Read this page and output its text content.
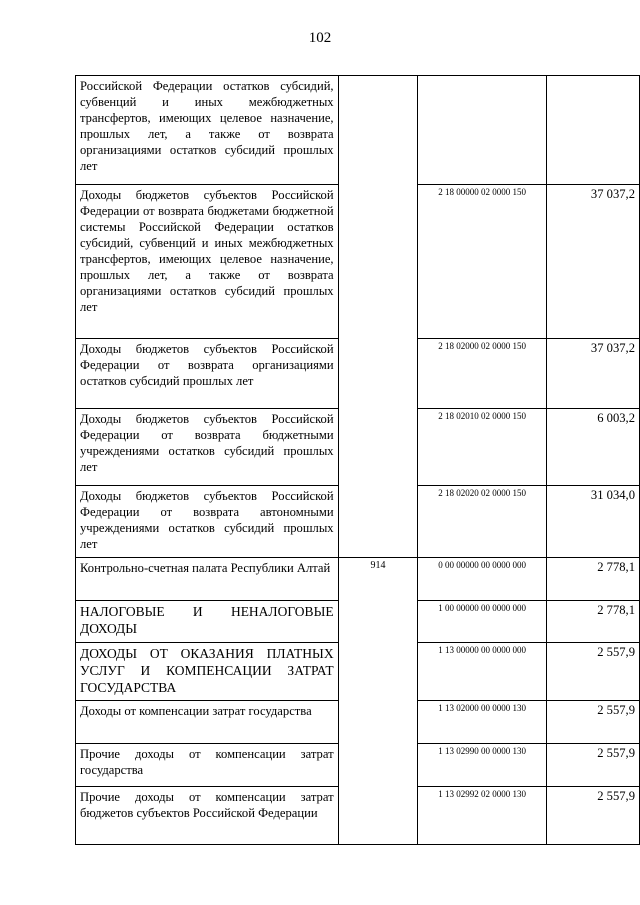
102
Российской Федерации остатков субсидий, субвенций и иных межбюджетных трансфертов, имеющих целевое назначение, прошлых лет, а также от возврата организациями остатков субсидий прошлых лет			
Доходы бюджетов субъектов Российской Федерации от возврата бюджетами бюджетной системы Российской Федерации остатков субсидий, субвенций и иных межбюджетных трансфертов, имеющих целевое назначение, прошлых лет, а также от возврата организациями остатков субсидий прошлых лет		2 18 00000 02 0000 150	37 037,2
Доходы бюджетов субъектов Российской Федерации от возврата организациями остатков субсидий прошлых лет		2 18 02000 02 0000 150	37 037,2
Доходы бюджетов субъектов Российской Федерации от возврата бюджетными учреждениями остатков субсидий прошлых лет		2 18 02010 02 0000 150	6 003,2
Доходы бюджетов субъектов Российской Федерации от возврата автономными учреждениями остатков субсидий прошлых лет		2 18 02020 02 0000 150	31 034,0
Контрольно-счетная палата Республики Алтай	914	0 00 00000 00 0000 000	2 778,1
НАЛОГОВЫЕ И НЕНАЛОГОВЫЕ ДОХОДЫ		1 00 00000 00 0000 000	2 778,1
ДОХОДЫ ОТ ОКАЗАНИЯ ПЛАТНЫХ УСЛУГ И КОМПЕНСАЦИИ ЗАТРАТ ГОСУДАРСТВА		1 13 00000 00 0000 000	2 557,9
Доходы от компенсации затрат государства		1 13 02000 00 0000 130	2 557,9
Прочие доходы от компенсации затрат государства		1 13 02990 00 0000 130	2 557,9
Прочие доходы от компенсации затрат бюджетов субъектов Российской Федерации		1 13 02992 02 0000 130	2 557,9
